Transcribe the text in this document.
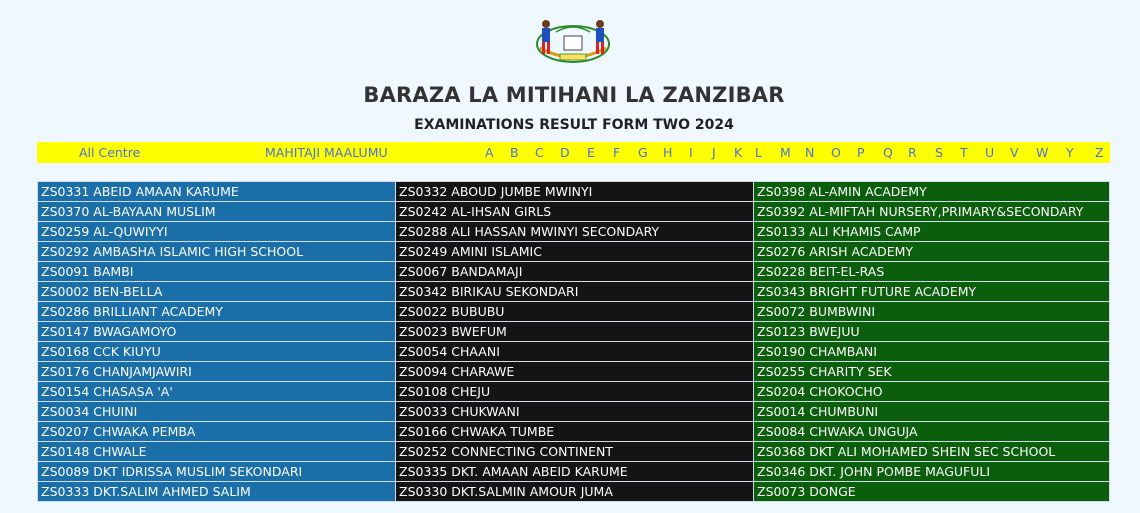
BARAZA LA MITIHANI LA ZANZIBAR
EXAMINATIONS RESULT FORM TWO 2024
All Centre	MAHITAJI MAALUMU	A B C D E F G H I J K L M N O P Q R S T U V W Y Z
ZS0331 ABEID AMAAN KARUME	ZS0332 ABOUD JUMBE MWINYI	ZS0398 AL-AMIN ACADEMY
ZS0370 AL-BAYAAN MUSLIM	ZS0242 AL-IHSAN GIRLS	ZS0392 AL-MIFTAH NURSERY,PRIMARY&SECONDARY
ZS0259 AL-QUWIYYI	ZS0288 ALI HASSAN MWINYI SECONDARY	ZS0133 ALI KHAMIS CAMP
ZS0292 AMBASHA ISLAMIC HIGH SCHOOL	ZS0249 AMINI ISLAMIC	ZS0276 ARISH ACADEMY
ZS0091 BAMBI	ZS0067 BANDAMAJI	ZS0228 BEIT-EL-RAS
ZS0002 BEN-BELLA	ZS0342 BIRIKAU SEKONDARI	ZS0343 BRIGHT FUTURE ACADEMY
ZS0286 BRILLIANT ACADEMY	ZS0022 BUBUBU	ZS0072 BUMBWINI
ZS0147 BWAGAMOYO	ZS0023 BWEFUM	ZS0123 BWEJUU
ZS0168 CCK KIUYU	ZS0054 CHAANI	ZS0190 CHAMBANI
ZS0176 CHANJAMJAWIRI	ZS0094 CHARAWE	ZS0255 CHARITY SEK
ZS0154 CHASASA 'A'	ZS0108 CHEJU	ZS0204 CHOKOCHO
ZS0034 CHUINI	ZS0033 CHUKWANI	ZS0014 CHUMBUNI
ZS0207 CHWAKA PEMBA	ZS0166 CHWAKA TUMBE	ZS0084 CHWAKA UNGUJA
ZS0148 CHWALE	ZS0252 CONNECTING CONTINENT	ZS0368 DKT ALI MOHAMED SHEIN SEC SCHOOL
ZS0089 DKT IDRISSA MUSLIM SEKONDARI	ZS0335 DKT. AMAAN ABEID KARUME	ZS0346 DKT. JOHN POMBE MAGUFULI
ZS0333 DKT.SALIM AHMED SALIM	ZS0330 DKT.SALMIN AMOUR JUMA	ZS0073 DONGE
